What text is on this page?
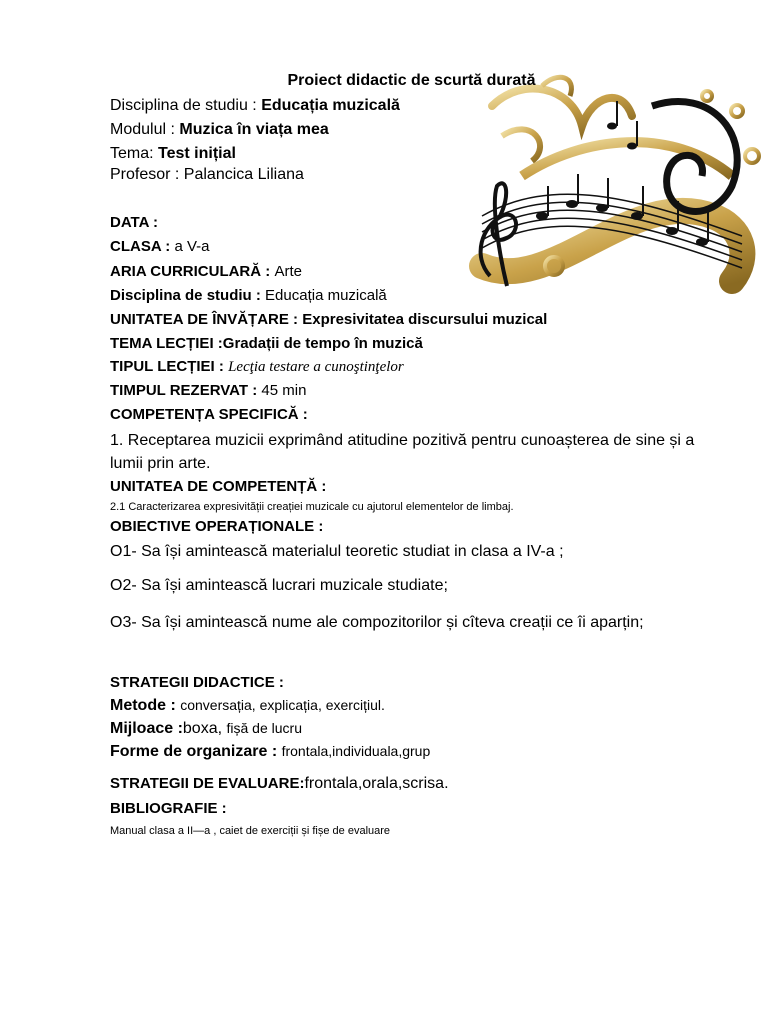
Proiect didactic de scurtă durată
Disciplina de studiu : Educația muzicală
Modulul : Muzica în viața mea
Tema: Test inițial
Profesor : Palancica Liliana
DATA :
CLASA : a V-a
ARIA CURRICULARĂ : Arte
Disciplina de studiu : Educația muzicală
UNITATEA DE ÎNVĂȚARE : Expresivitatea discursului muzical
TEMA LECȚIEI :Gradații de tempo în muzică
TIPUL LECȚIEI : Lecţia testare a cunoştinţelor
TIMPUL REZERVAT : 45 min
COMPETENȚA SPECIFICĂ :
1. Receptarea muzicii exprimând atitudine pozitivă pentru cunoașterea de sine și a lumii prin arte.
UNITATEA DE COMPETENȚĂ :
2.1 Caracterizarea expresivității creației muzicale cu ajutorul elementelor de limbaj.
OBIECTIVE OPERAȚIONALE :
O1- Sa își amintească materialul teoretic studiat in clasa a IV-a ;
O2- Sa își amintească lucrari muzicale studiate;
O3- Sa își amintească nume ale compozitorilor și cîteva creații ce îi aparțin;
STRATEGII DIDACTICE :
Metode : conversația, explicația, exercițiul.
Mijloace :boxa, fișă de lucru
Forme de organizare : frontala,individuala,grup
STRATEGII DE EVALUARE:frontala,orala,scrisa.
BIBLIOGRAFIE :
Manual clasa a II—a , caiet de exerciții și fișe de evaluare
